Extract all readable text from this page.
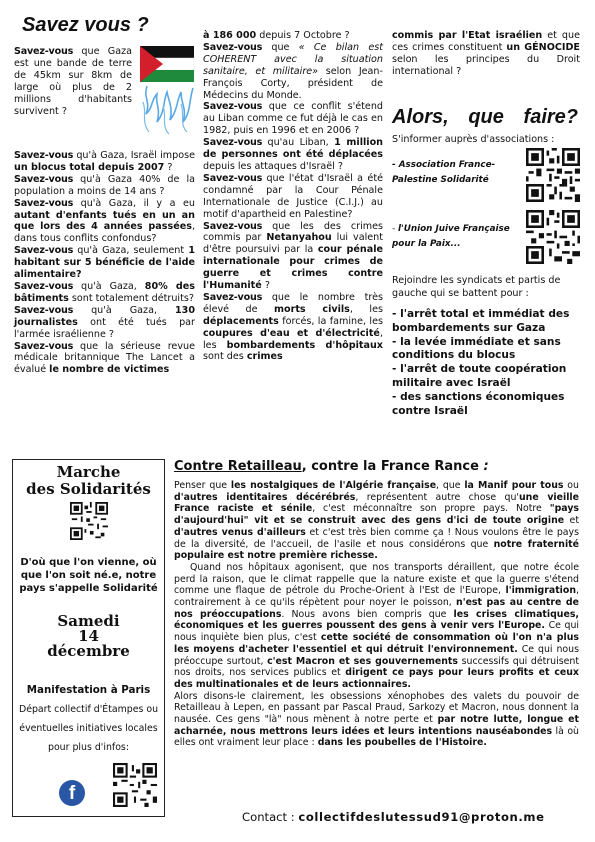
Savez vous ?
Savez-vous que Gaza est une bande de terre de 45km sur 8km de large où plus de 2 millions d'habitants survivent ?

Savez-vous qu'à Gaza, Israël impose un blocus total depuis 2007 ?

Savez-vous qu'à Gaza 40% de la population a moins de 14 ans ?

Savez-vous qu'à Gaza, il y a eu autant d'enfants tués en un an que lors des 4 années passées, dans tous conflits confondus?

Savez-vous qu'à Gaza, seulement 1 habitant sur 5 bénéficie de l'aide alimentaire?

Savez-vous qu'à Gaza, 80% des bâtiments sont totalement détruits?

Savez-vous qu'à Gaza, 130 journalistes ont été tués par l'armée israélienne ?

Savez-vous que la sérieuse revue médicale britannique The Lancet a évalué le nombre de victimes

à 186 000 depuis 7 Octobre ?

Savez-vous que « Ce bilan est COHERENT avec la situation sanitaire, et militaire» selon Jean-François Corty, président de Médecins du Monde.

Savez-vous que ce conflit s'étend au Liban comme ce fut déjà le cas en 1982, puis en 1996 et en 2006 ?

Savez-vous qu'au Liban, 1 million de personnes ont été déplacées depuis les attaques d'Israël ?

Savez-vous que l'état d'Israël a été condamné par la Cour Pénale Internationale de Justice (C.I.J.) au motif d'apartheid en Palestine?

Savez-vous que les des crimes commis par Netanyahou lui valent d'être poursuivi par la cour pénale internationale pour crimes de guerre et crimes contre l'Humanité ?

Savez-vous que le nombre très élevé de morts civils, les déplacements forcés, la famine, les coupures d'eau et d'électricité, les bombardements d'hôpitaux sont des crimes

commis par l'Etat israélien et que ces crimes constituent un GÉNOCIDE selon les principes du Droit international ?

Alors, que faire?
S'informer auprès d'associations :
- Association France-Palestine Solidarité
- l'Union Juive Française pour la Paix...
Rejoindre les syndicats et partis de gauche qui se battent pour :
- l'arrêt total et immédiat des bombardements sur Gaza
- la levée immédiate et sans conditions du blocus
- l'arrêt de toute coopération militaire avec Israël
- des sanctions économiques contre Israël
Marche
des Solidarités
D'où que l'on vienne, où que l'on soit né.e, notre pays s'appelle Solidarité
Samedi
14
décembre
Manifestation à Paris
Départ collectif d'Étampes ou éventuelles initiatives locales pour plus d'infos:
f
Contre Retailleau, contre la France Rance :

Penser que les nostalgiques de l'Algérie française, que la Manif pour tous ou d'autres identitaires décérébrés, représentent autre chose qu'une vieille France raciste et sénile, c'est méconnaître son propre pays. Notre "pays d'aujourd'hui" vit et se construit avec des gens d'ici de toute origine et d'autres venus d'ailleurs et c'est très bien comme ça ! Nous voulons être le pays de la diversité, de l'accueil, de l'asile et nous considérons que notre fraternité populaire est notre première richesse.

Quand nos hôpitaux agonisent, que nos transports déraillent, que notre école perd la raison, que le climat rappelle que la nature existe et que la guerre s'étend comme une flaque de pétrole du Proche-Orient à l'Est de l'Europe, l'immigration, contrairement à ce qu'ils répètent pour noyer le poisson, n'est pas au centre de nos préoccupations. Nous avons bien compris que les crises climatiques, économiques et les guerres poussent des gens à venir vers l'Europe. Ce qui nous inquiète bien plus, c'est cette société de consommation où l'on n'a plus les moyens d'acheter l'essentiel et qui détruit l'environnement. Ce qui nous préoccupe surtout, c'est Macron et ses gouvernements successifs qui détruisent nos droits, nos services publics et dirigent ce pays pour leurs profits et ceux des multinationales et de leurs actionnaires.

Alors disons-le clairement, les obsessions xénophobes des valets du pouvoir de Retailleau à Lepen, en passant par Pascal Praud, Sarkozy et Macron, nous donnent la nausée. Ces gens "là" nous mènent à notre perte et par notre lutte, longue et acharnée, nous mettrons leurs idées et leurs intentions nauséabondes là où elles ont vraiment leur place : dans les poubelles de l'Histoire.

Contact : collectifdeslutessud91@proton.me
